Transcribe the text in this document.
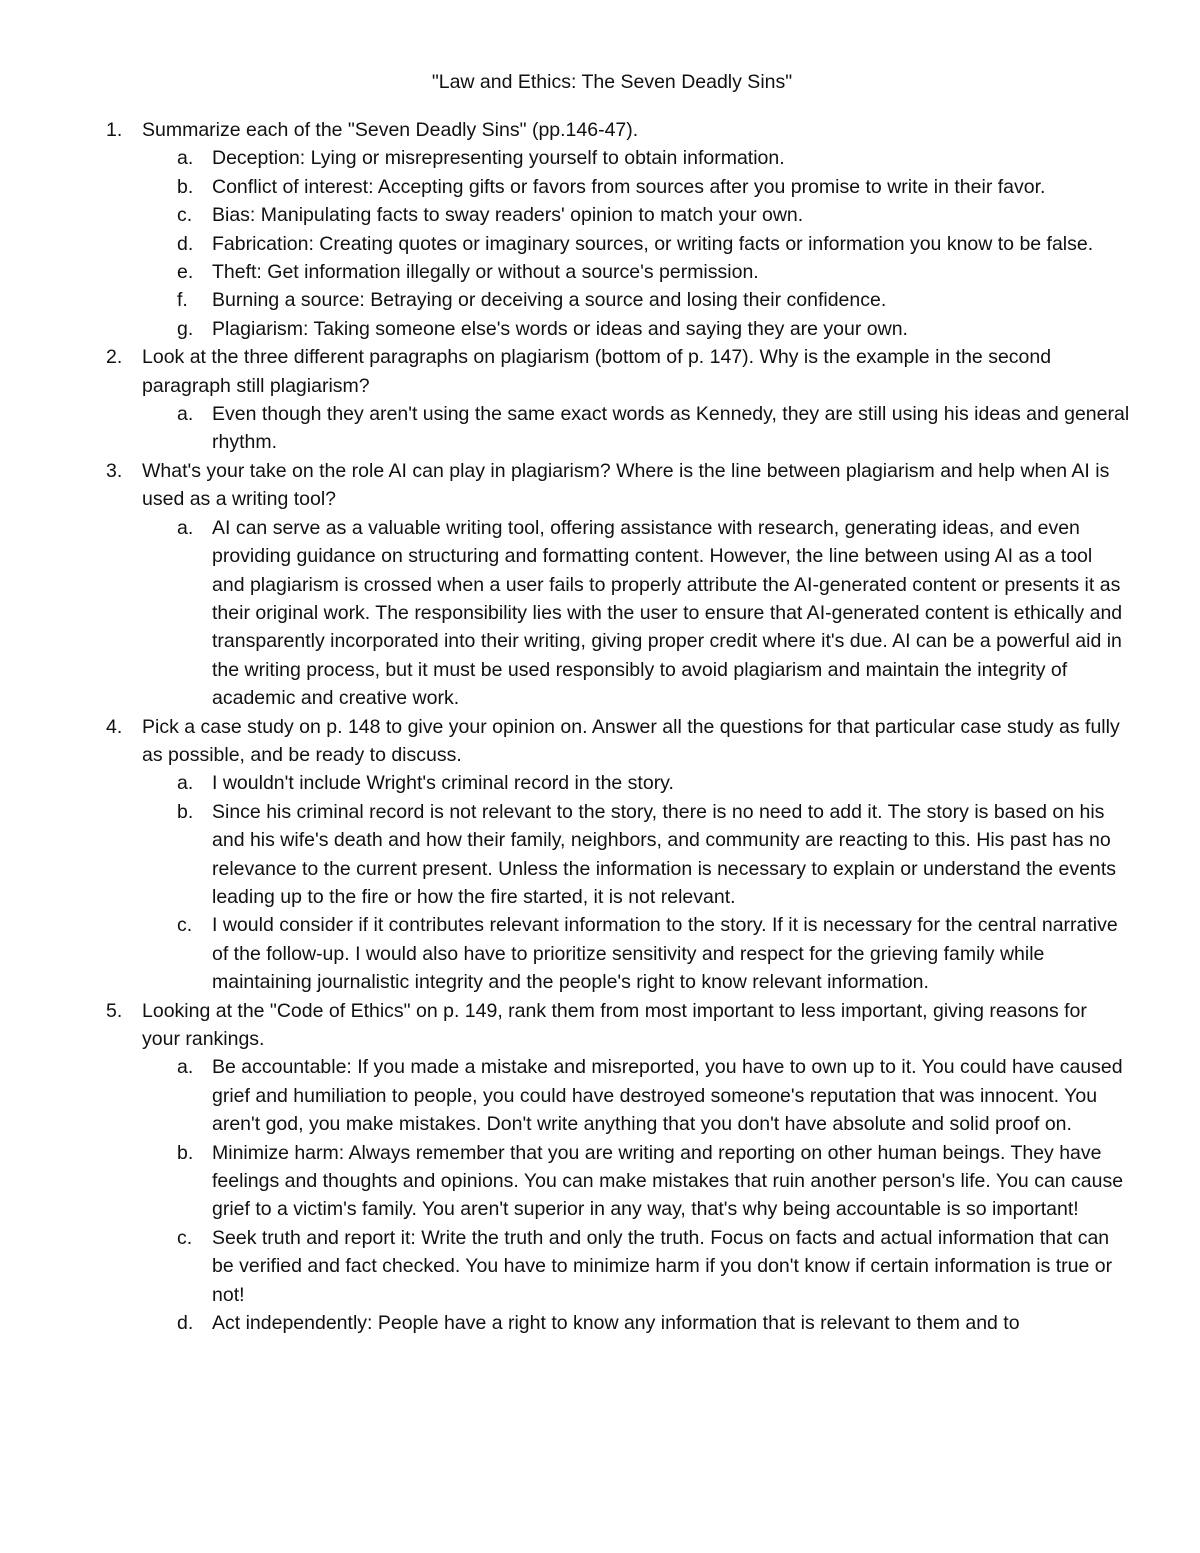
"Law and Ethics: The Seven Deadly Sins"
1.	Summarize each of the "Seven Deadly Sins" (pp.146-47).
a. Deception: Lying or misrepresenting yourself to obtain information.
b. Conflict of interest: Accepting gifts or favors from sources after you promise to write in their favor.
c.	Bias: Manipulating facts to sway readers' opinion to match your own.
d. Fabrication: Creating quotes or imaginary sources, or writing facts or information you know to be false.
e. Theft: Get information illegally or without a source's permission.
f.	Burning a source: Betraying or deceiving a source and losing their confidence.
g. Plagiarism: Taking someone else's words or ideas and saying they are your own.
2.	Look at the three different paragraphs on plagiarism (bottom of p. 147). Why is the example in the second paragraph still plagiarism?
a. Even though they aren't using the same exact words as Kennedy, they are still using his ideas and general rhythm.
3.	What's your take on the role AI can play in plagiarism? Where is the line between plagiarism and help when AI is used as a writing tool?
a. AI can serve as a valuable writing tool, offering assistance with research, generating ideas, and even providing guidance on structuring and formatting content. However, the line between using AI as a tool and plagiarism is crossed when a user fails to properly attribute the AI-generated content or presents it as their original work. The responsibility lies with the user to ensure that AI-generated content is ethically and transparently incorporated into their writing, giving proper credit where it's due. AI can be a powerful aid in the writing process, but it must be used responsibly to avoid plagiarism and maintain the integrity of academic and creative work.
4.	Pick a case study on p. 148 to give your opinion on. Answer all the questions for that particular case study as fully as possible, and be ready to discuss.
a. I wouldn't include Wright's criminal record in the story.
b. Since his criminal record is not relevant to the story, there is no need to add it. The story is based on his and his wife's death and how their family, neighbors, and community are reacting to this. His past has no relevance to the current present. Unless the information is necessary to explain or understand the events leading up to the fire or how the fire started, it is not relevant.
c.	I would consider if it contributes relevant information to the story. If it is necessary for the central narrative of the follow-up. I would also have to prioritize sensitivity and respect for the grieving family while maintaining journalistic integrity and the people's right to know relevant information.
5.	Looking at the "Code of Ethics" on p. 149, rank them from most important to less important, giving reasons for your rankings.
a. Be accountable: If you made a mistake and misreported, you have to own up to it. You could have caused grief and humiliation to people, you could have destroyed someone's reputation that was innocent. You aren't god, you make mistakes. Don't write anything that you don't have absolute and solid proof on.
b. Minimize harm: Always remember that you are writing and reporting on other human beings. They have feelings and thoughts and opinions. You can make mistakes that ruin another person's life. You can cause grief to a victim's family. You aren't superior in any way, that's why being accountable is so important!
c.	Seek truth and report it: Write the truth and only the truth. Focus on facts and actual information that can be verified and fact checked. You have to minimize harm if you don't know if certain information is true or not!
d. Act independently: People have a right to know any information that is relevant to them and to
